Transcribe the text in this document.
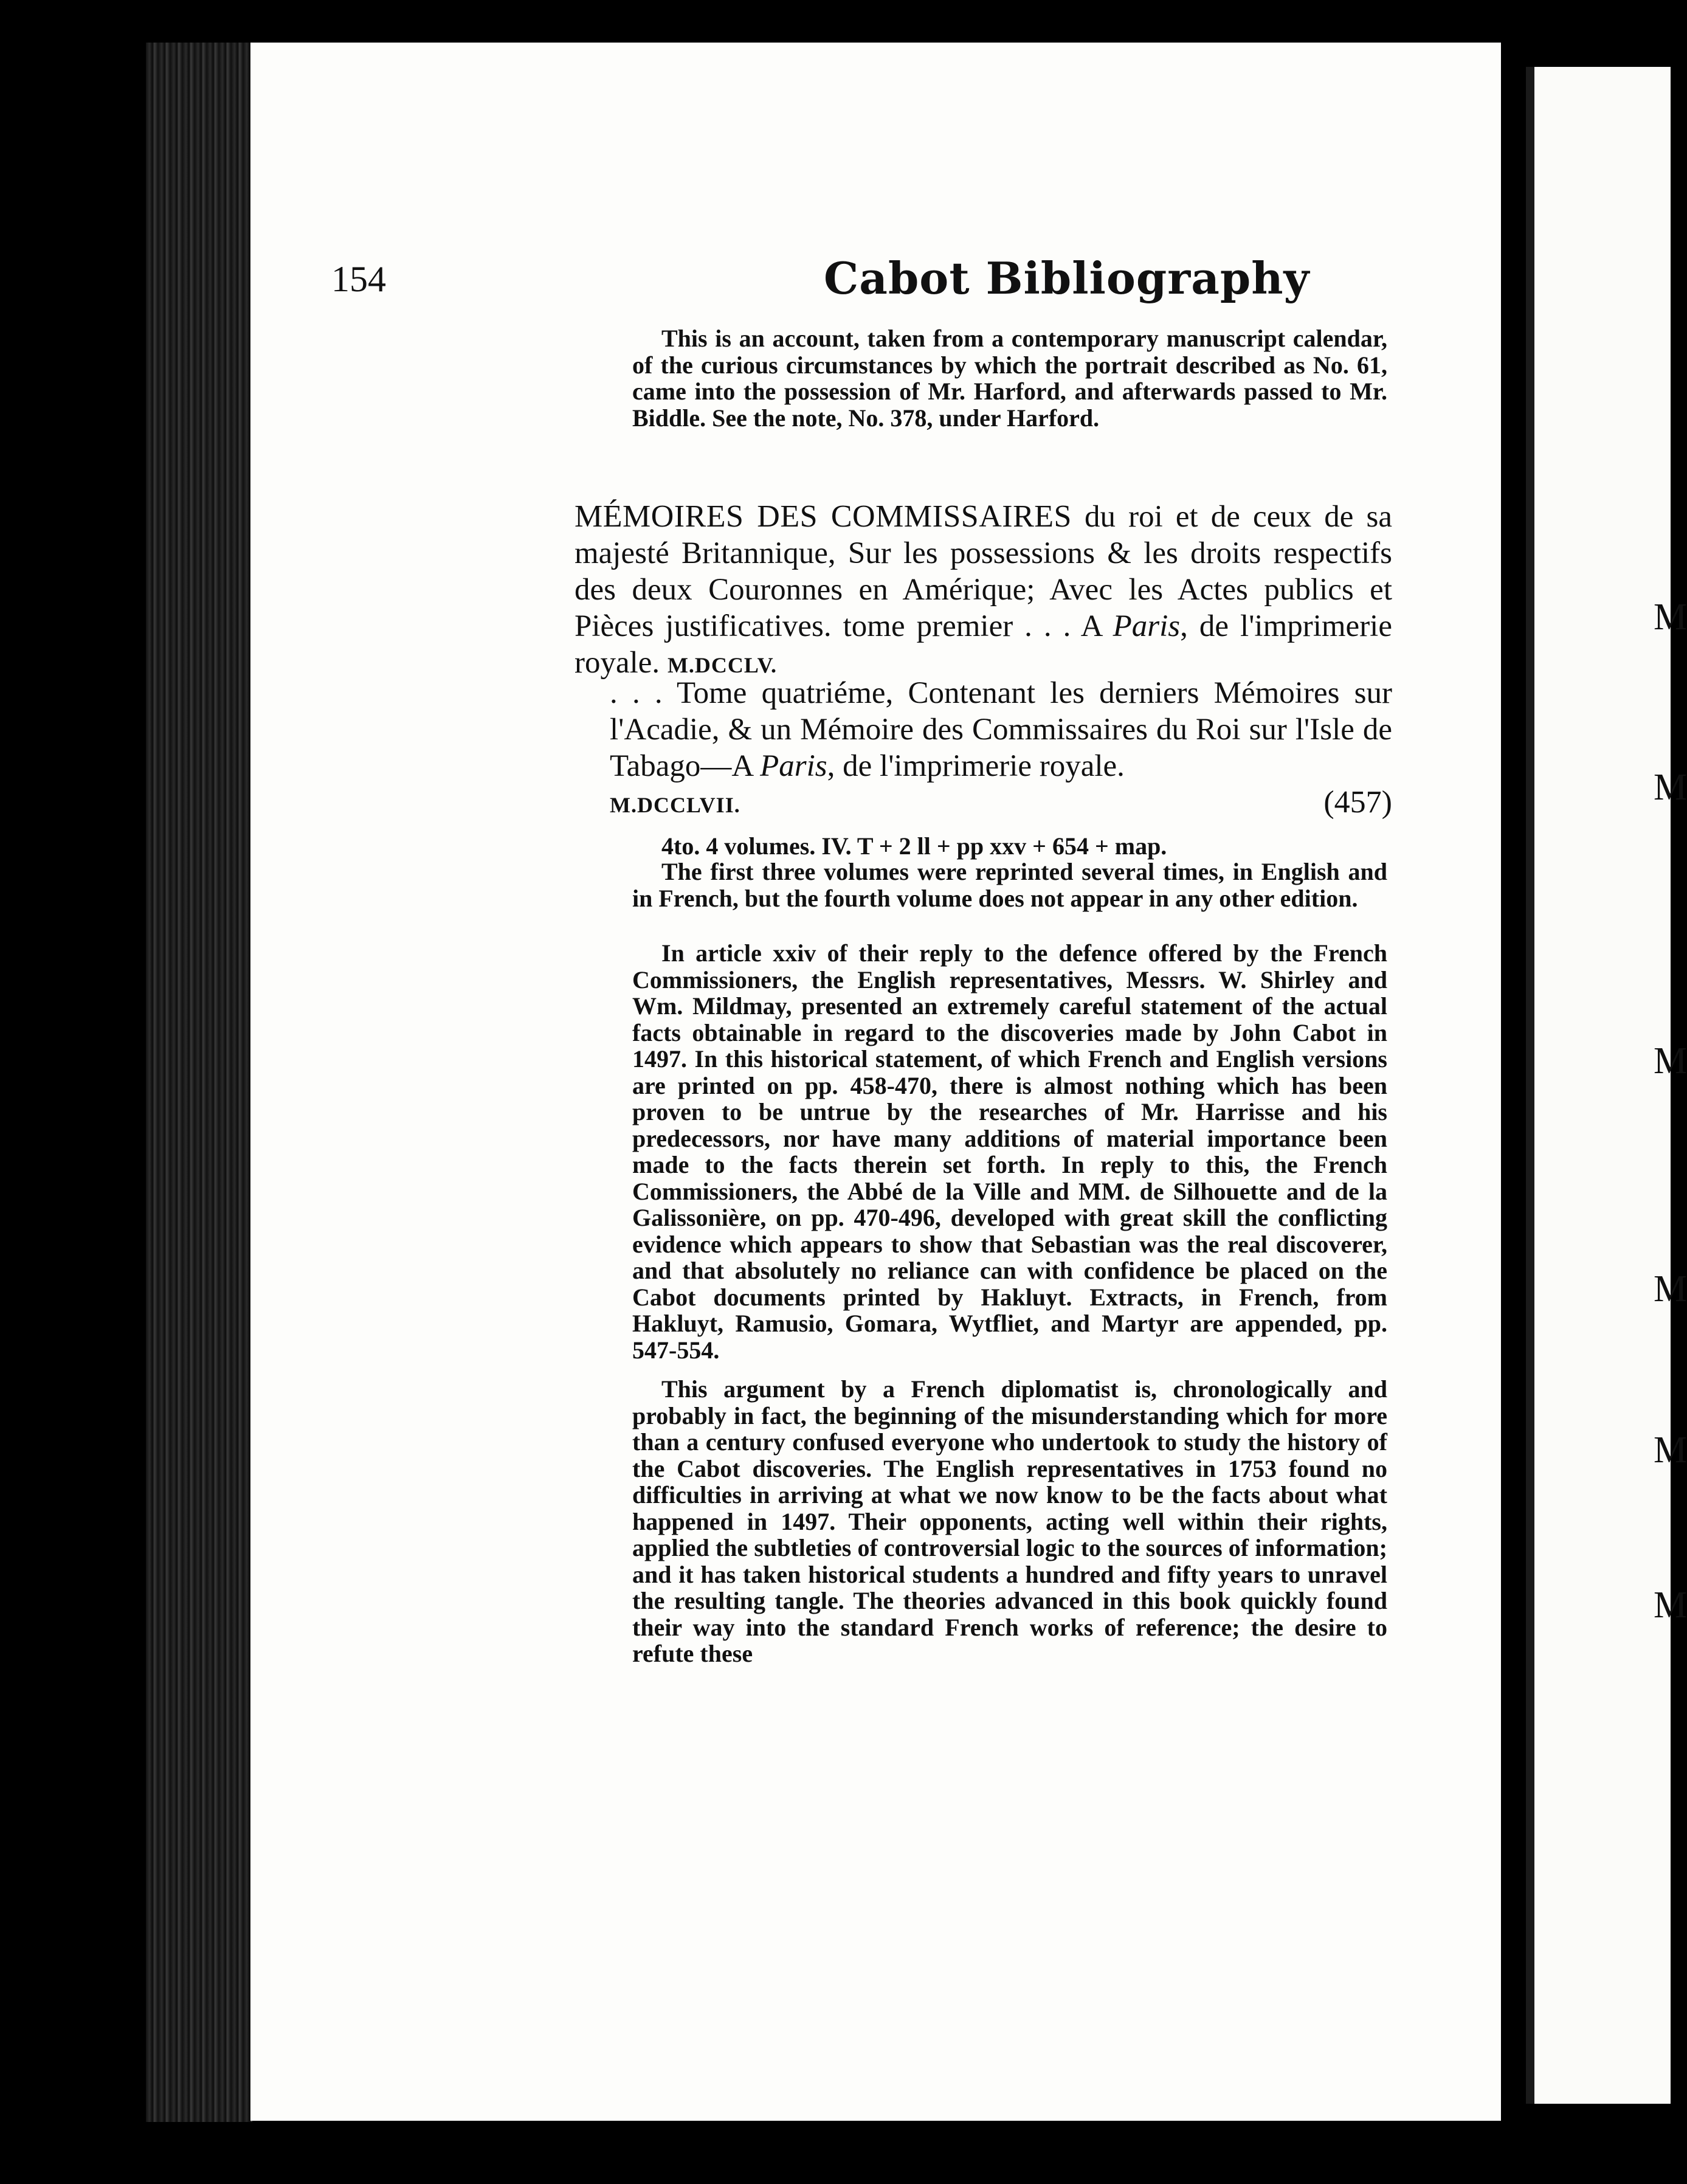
M
M
M
M
M
M
154	Cabot Bibliography

This is an account, taken from a contemporary manuscript calendar, of the curious circumstances by which the portrait described as No. 61, came into the possession of Mr. Harford, and afterwards passed to Mr. Biddle. See the note, No. 378, under Harford.

MÉMOIRES DES COMMISSAIRES du roi et de ceux de sa majesté Britannique, Sur les possessions & les droits respectifs des deux Couronnes en Amérique; Avec les Actes publics et Pièces justificatives. tome premier . . . A Paris, de l'imprimerie royale. M.DCCLV.
. . . Tome quatriéme, Contenant les derniers Mémoires sur l'Acadie, & un Mémoire des Commissaires du Roi sur l'Isle de Tabago—A Paris, de l'imprimerie royale.
M.DCCLVII.	(457)

4to. 4 volumes. IV. T + 2 ll + pp xxv + 654 + map.

The first three volumes were reprinted several times, in English and in French, but the fourth volume does not appear in any other edition.

In article xxiv of their reply to the defence offered by the French Commissioners, the English representatives, Messrs. W. Shirley and Wm. Mildmay, presented an extremely careful statement of the actual facts obtainable in regard to the discoveries made by John Cabot in 1497. In this historical statement, of which French and English versions are printed on pp. 458-470, there is almost nothing which has been proven to be untrue by the researches of Mr. Harrisse and his predecessors, nor have many additions of material importance been made to the facts therein set forth. In reply to this, the French Commissioners, the Abbé de la Ville and MM. de Silhouette and de la Galissonière, on pp. 470-496, developed with great skill the conflicting evidence which appears to show that Sebastian was the real discoverer, and that absolutely no reliance can with confidence be placed on the Cabot documents printed by Hakluyt. Extracts, in French, from Hakluyt, Ramusio, Gomara, Wytfliet, and Martyr are appended, pp. 547-554.

This argument by a French diplomatist is, chronologically and probably in fact, the beginning of the misunderstanding which for more than a century confused everyone who undertook to study the history of the Cabot discoveries. The English representatives in 1753 found no difficulties in arriving at what we now know to be the facts about what happened in 1497. Their opponents, acting well within their rights, applied the subtleties of controversial logic to the sources of information; and it has taken historical students a hundred and fifty years to unravel the resulting tangle. The theories advanced in this book quickly found their way into the standard French works of reference; the desire to refute these
